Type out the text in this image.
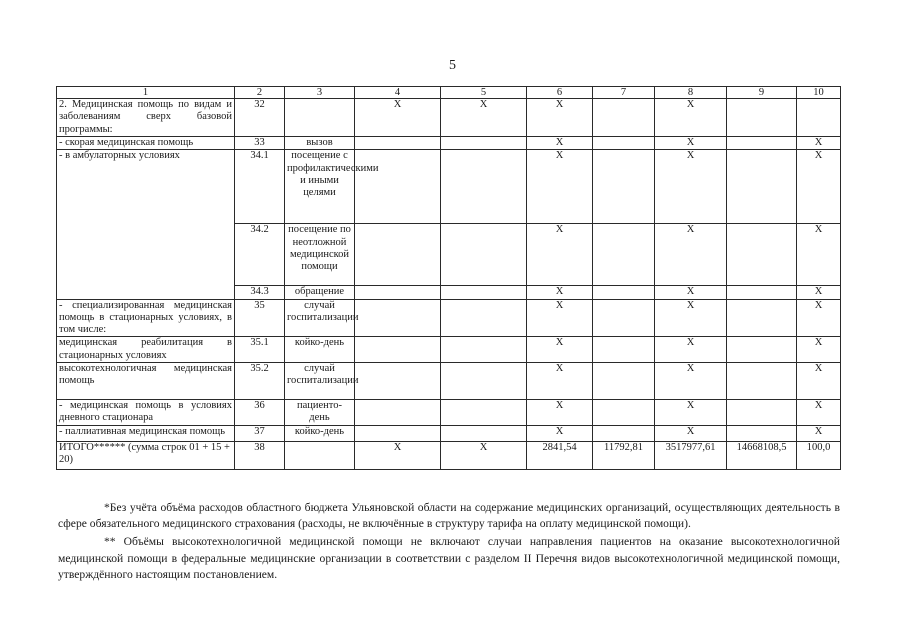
5
1	2	3	4	5	6	7	8	9	10
2. Медицинская помощь по видам и заболеваниям сверх базовой программы:	32		X	X	X		X		
- скорая медицинская помощь	33	вызов			X		X		X
- в амбулаторных условиях	34.1	посещение с профилактическими и иными целями			X		X		X
	34.2	посещение по неотложной медицинской помощи			X		X		X
	34.3	обращение			X		X		X
- специализированная медицинская помощь в стационарных условиях, в том числе:	35	случай госпитализации			X		X		X
медицинская реабилитация в стационарных условиях	35.1	койко-день			X		X		X
высокотехнологичная медицинская помощь	35.2	случай госпитализации			X		X		X
- медицинская помощь в условиях дневного стационара	36	пациенто-день			X		X		X
- паллиативная медицинская помощь	37	койко-день			X		X		X
ИТОГО****** (сумма строк 01 + 15 + 20)	38		X	X	2841,54	11792,81	3517977,61	14668108,5	100,0

*Без учёта объёма расходов областного бюджета Ульяновской области на содержание медицинских организаций, осуществляющих деятельность в сфере обязательного медицинского страхования (расходы, не включённые в структуру тарифа на оплату медицинской помощи).

** Объёмы высокотехнологичной медицинской помощи не включают случаи направления пациентов на оказание высокотехнологичной медицинской помощи в федеральные медицинские организации в соответствии с разделом II Перечня видов высокотехнологичной медицинской помощи, утверждённого настоящим постановлением.
